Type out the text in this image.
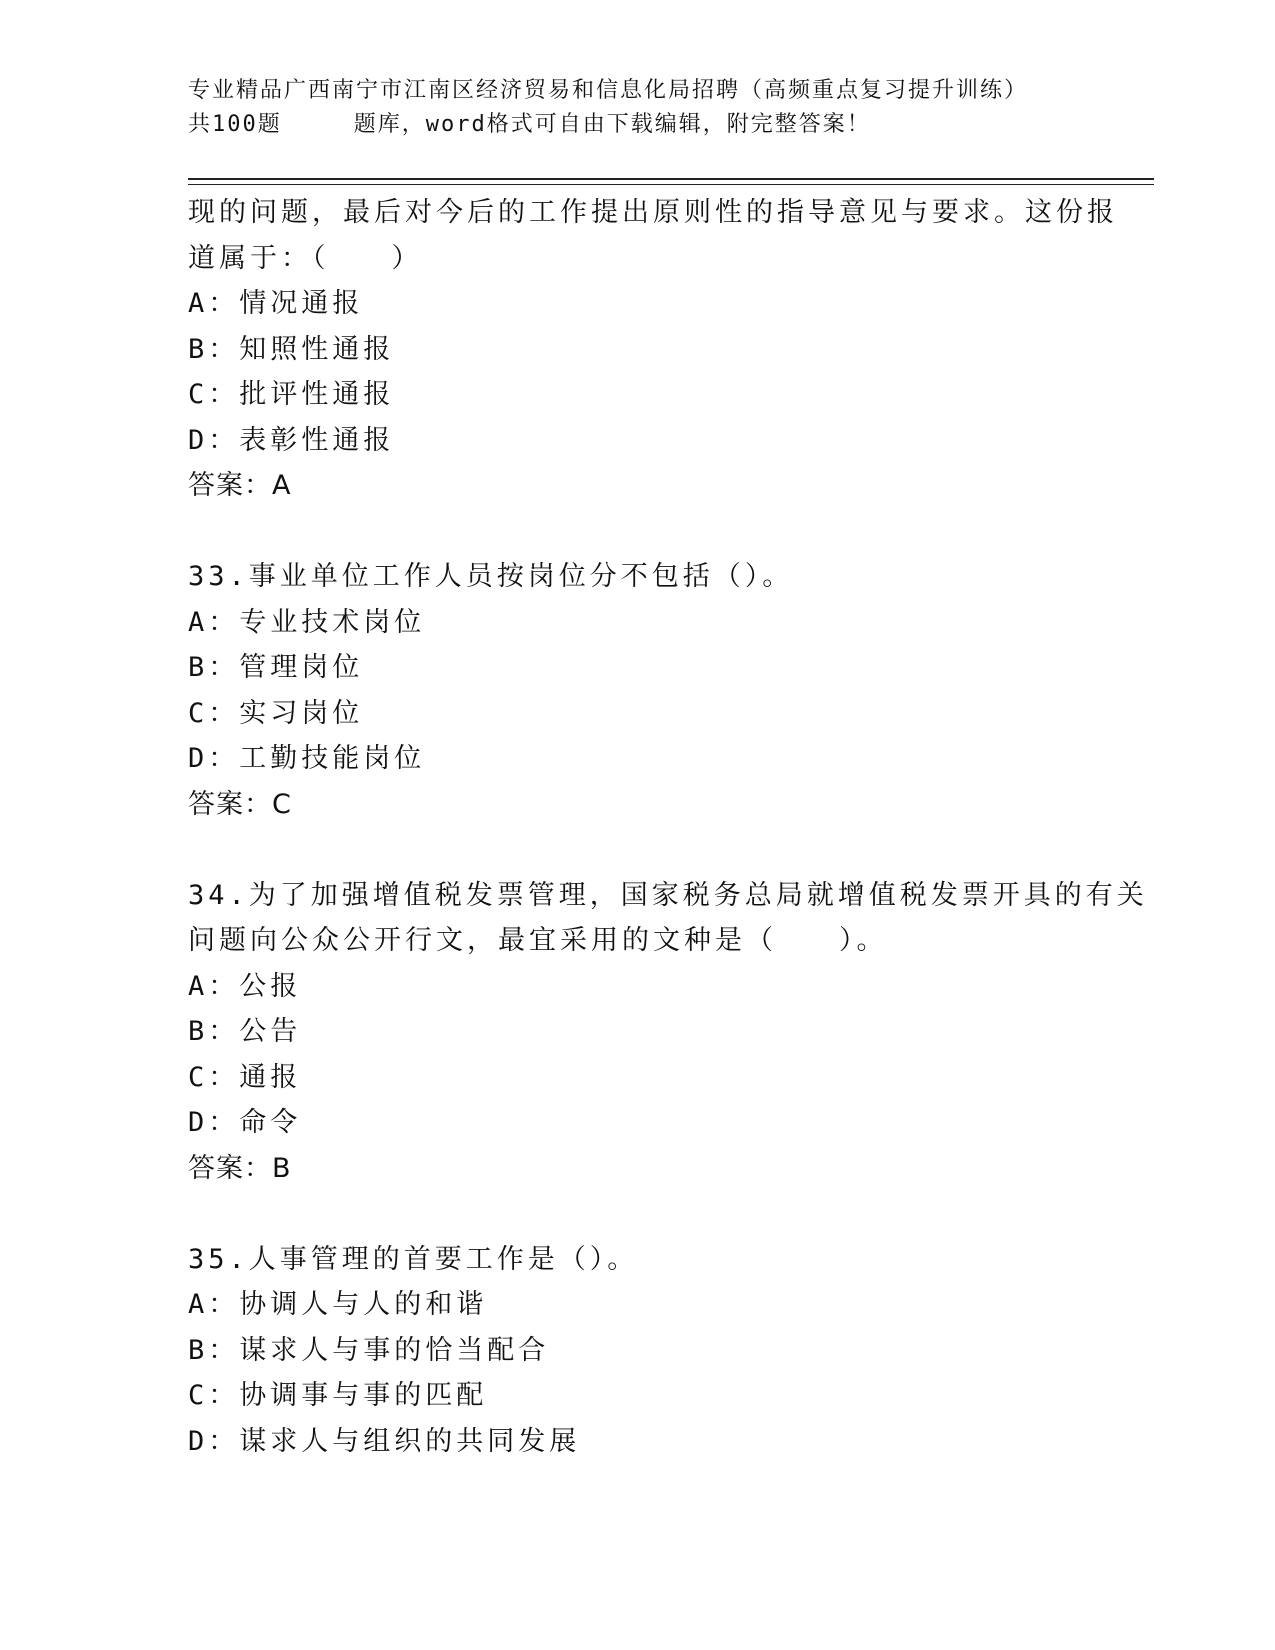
专业精品广西南宁市江南区经济贸易和信息化局招聘（高频重点复习提升训练）
共100题	题库，word格式可自由下载编辑，附完整答案！
现的问题，最后对今后的工作提出原则性的指导意见与要求。这份报
道属于：（　　）
A：情况通报
B：知照性通报
C：批评性通报
D：表彰性通报
答案：A
33.事业单位工作人员按岗位分不包括（）。
A：专业技术岗位
B：管理岗位
C：实习岗位
D：工勤技能岗位
答案：C
34.为了加强增值税发票管理，国家税务总局就增值税发票开具的有关
问题向公众公开行文，最宜采用的文种是（　　）。
A：公报
B：公告
C：通报
D：命令
答案：B
35.人事管理的首要工作是（）。
A：协调人与人的和谐
B：谋求人与事的恰当配合
C：协调事与事的匹配
D：谋求人与组织的共同发展
